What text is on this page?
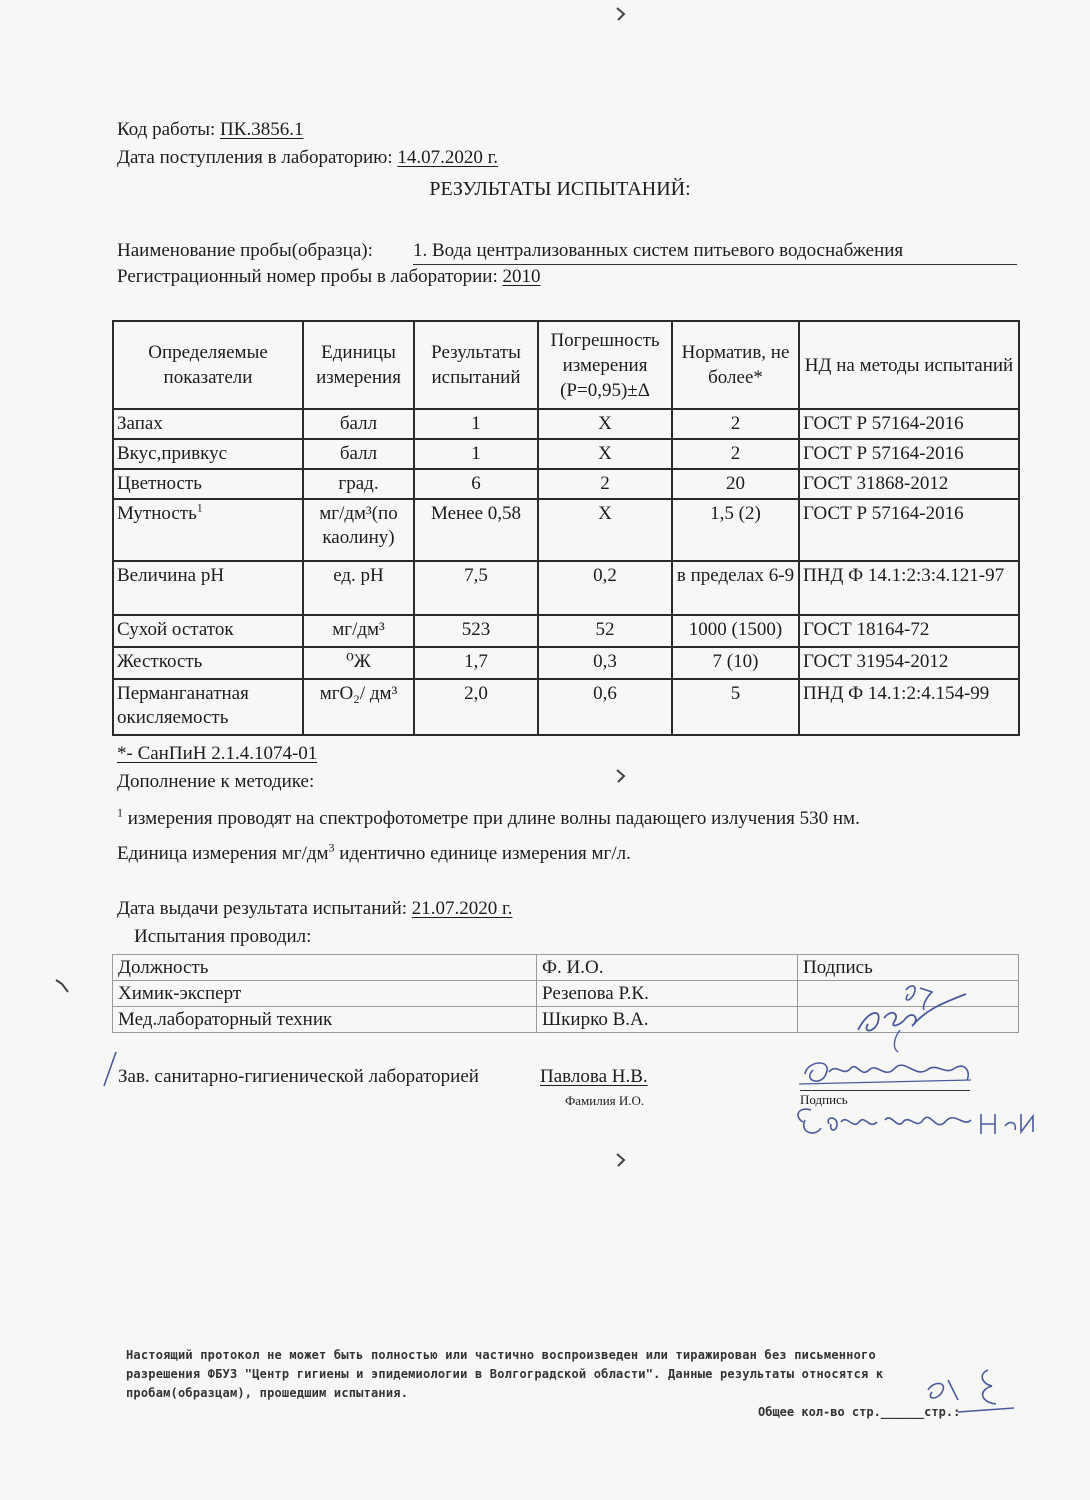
Код работы: ПК.3856.1
Дата поступления в лабораторию: 14.07.2020 г.
РЕЗУЛЬТАТЫ ИСПЫТАНИЙ:
Наименование пробы(образца): 1. Вода централизованных систем питьевого водоснабжения
Регистрационный номер пробы в лаборатории: 2010
Определяемые показатели	Единицы измерения	Результаты испытаний	Погрешность измерения (Р=0,95)±Δ	Норматив, не более*	НД на методы испытаний
Запах	балл	1	Х	2	ГОСТ Р 57164-2016
Вкус,привкус	балл	1	Х	2	ГОСТ Р 57164-2016
Цветность	град.	6	2	20	ГОСТ 31868-2012
Мутность$^1$	мг/дм³(по каолину)	Менее 0,58	Х	1,5 (2)	ГОСТ Р 57164-2016
Величина pH	ед. pH	7,5	0,2	в пределах 6-9	ПНД Ф 14.1:2:3:4.121-97
Сухой остаток	мг/дм³	523	52	1000 (1500)	ГОСТ 18164-72
Жесткость	⁰Ж	1,7	0,3	7 (10)	ГОСТ 31954-2012
Перманганатная окисляемость	мгО₂/ дм³	2,0	0,6	5	ПНД Ф 14.1:2:4.154-99
*- СанПиН 2.1.4.1074-01
Дополнение к методике:
$^1$ измерения проводят на спектрофотометре при длине волны падающего излучения 530 нм.
Единица измерения $мг/дм^3$ идентично единице измерения мг/л.
Дата выдачи результата испытаний: 21.07.2020 г.
Испытания проводил:
Должность	Ф. И.О.	Подпись
Химик-эксперт	Резепова Р.К.	
Мед.лабораторный техник	Шкирко В.А.	
Зав. санитарно-гигиенической лабораторией	Павлова Н.В.
Фамилия И.О.	Подпись
Настоящий протокол не может быть полностью или частично воспроизведен или тиражирован без письменного
разрешения ФБУЗ "Центр гигиены и эпидемиологии в Волгоградской области". Данные результаты относятся к
пробам(образцам), прошедшим испытания.
Общее кол-во стр.______стр.:
